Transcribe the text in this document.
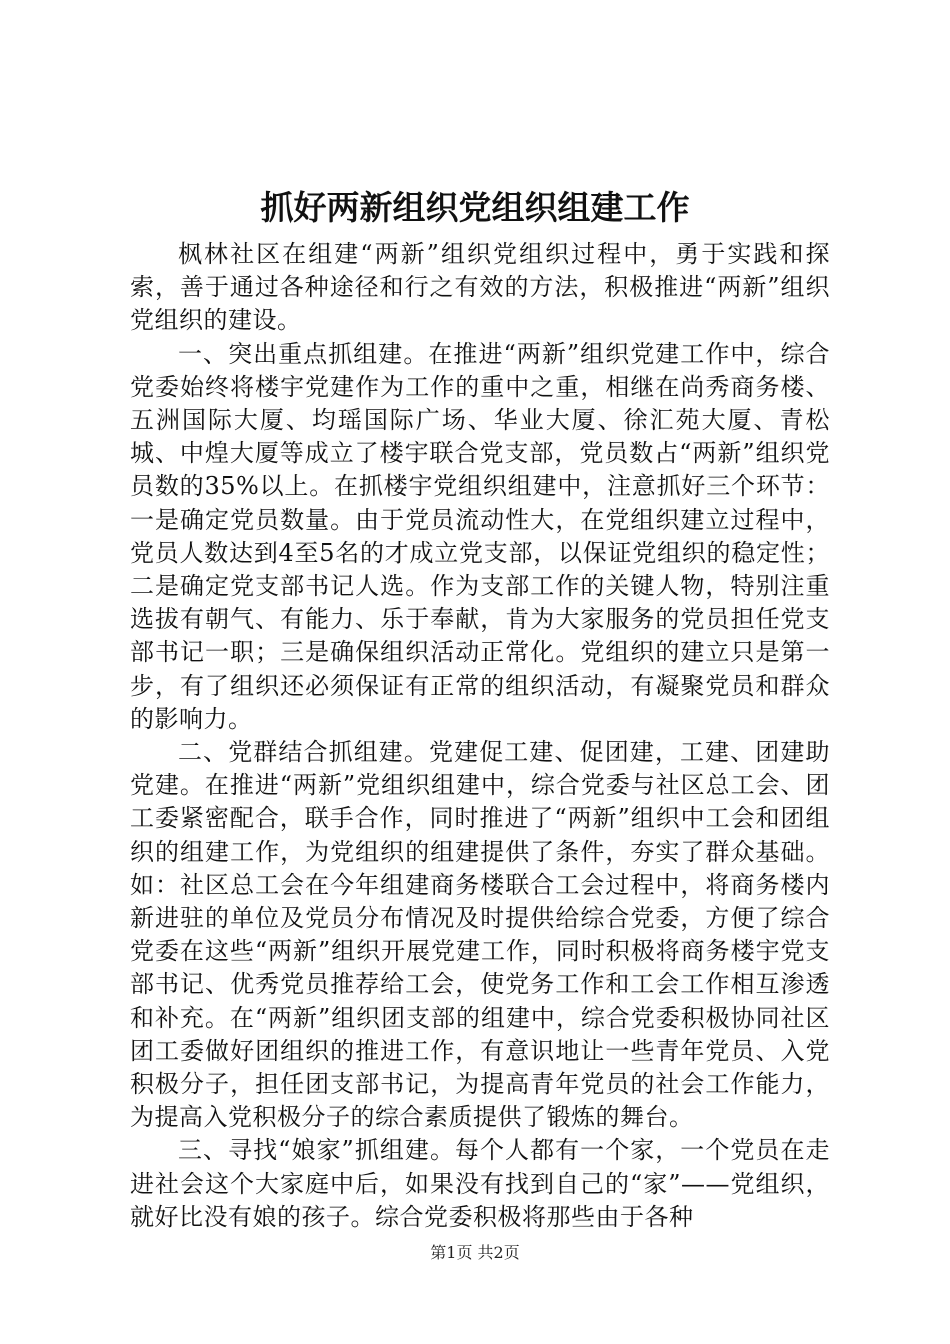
抓好两新组织党组织组建工作

枫林社区在组建“两新”组织党组织过程中，勇于实践和探索，善于通过各种途径和行之有效的方法，积极推进“两新”组织党组织的建设。

一、突出重点抓组建。在推进“两新”组织党建工作中，综合党委始终将楼宇党建作为工作的重中之重，相继在尚秀商务楼、五洲国际大厦、均瑶国际广场、华业大厦、徐汇苑大厦、青松城、中煌大厦等成立了楼宇联合党支部，党员数占“两新”组织党员数的35%以上。在抓楼宇党组织组建中，注意抓好三个环节：一是确定党员数量。由于党员流动性大，在党组织建立过程中，党员人数达到4至5名的才成立党支部，以保证党组织的稳定性；二是确定党支部书记人选。作为支部工作的关键人物，特别注重选拔有朝气、有能力、乐于奉献，肯为大家服务的党员担任党支部书记一职；三是确保组织活动正常化。党组织的建立只是第一步，有了组织还必须保证有正常的组织活动，有凝聚党员和群众的影响力。

二、党群结合抓组建。党建促工建、促团建，工建、团建助党建。在推进“两新”党组织组建中，综合党委与社区总工会、团工委紧密配合，联手合作，同时推进了“两新”组织中工会和团组织的组建工作，为党组织的组建提供了条件，夯实了群众基础。如：社区总工会在今年组建商务楼联合工会过程中，将商务楼内新进驻的单位及党员分布情况及时提供给综合党委，方便了综合党委在这些“两新”组织开展党建工作，同时积极将商务楼宇党支部书记、优秀党员推荐给工会，使党务工作和工会工作相互渗透和补充。在“两新”组织团支部的组建中，综合党委积极协同社区团工委做好团组织的推进工作，有意识地让一些青年党员、入党积极分子，担任团支部书记，为提高青年党员的社会工作能力，为提高入党积极分子的综合素质提供了锻炼的舞台。

三、寻找“娘家”抓组建。每个人都有一个家，一个党员在走进社会这个大家庭中后，如果没有找到自己的“家”——党组织，就好比没有娘的孩子。综合党委积极将那些由于各种

第1页 共2页
